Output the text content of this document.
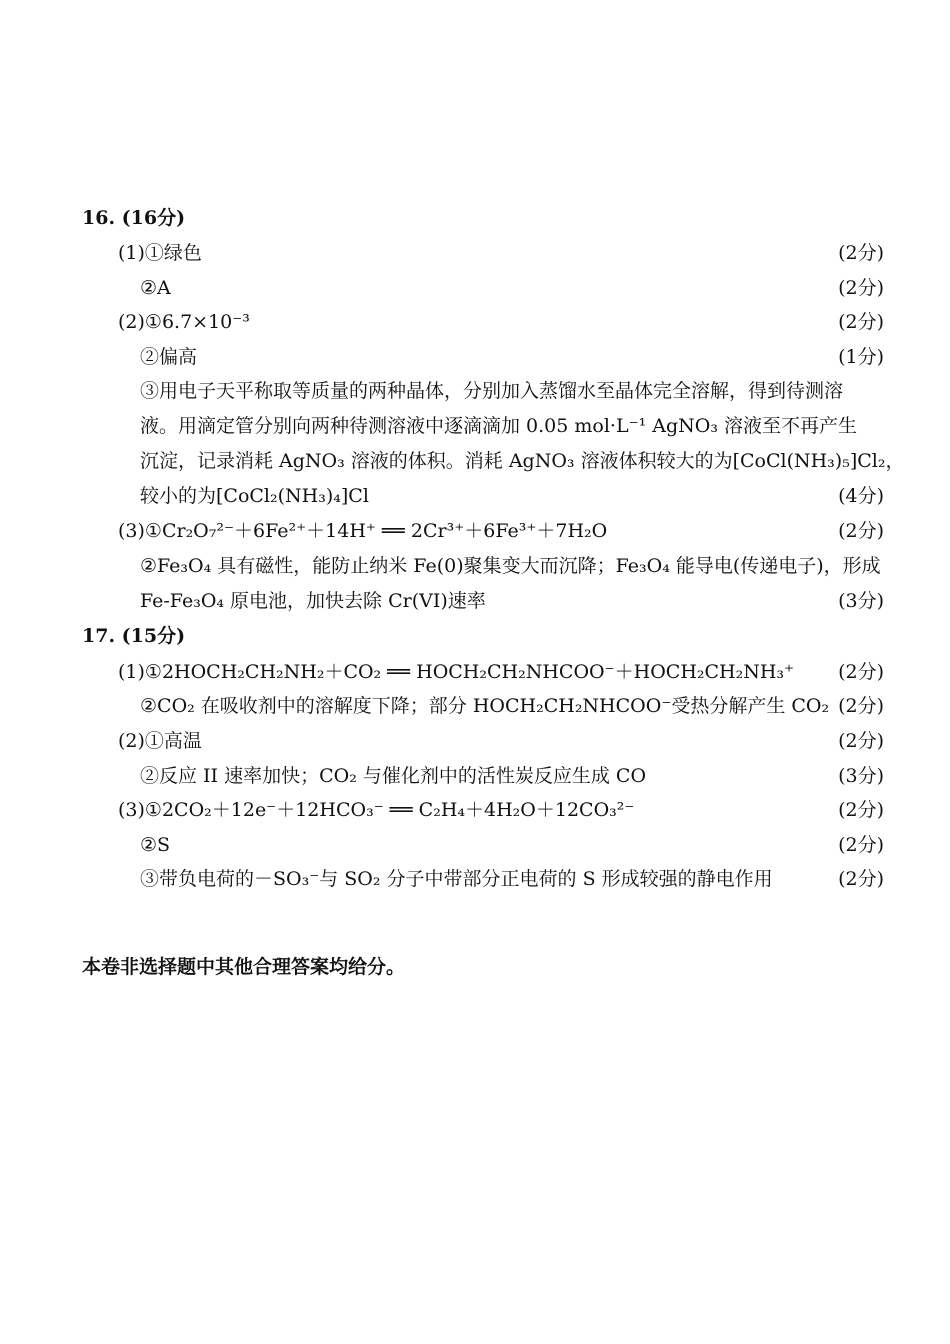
16. (16分)
(1)①绿色	(2分)
②A	(2分)
(2)①6.7×10⁻³	(2分)
②偏高	(1分)
③用电子天平称取等质量的两种晶体，分别加入蒸馏水至晶体完全溶解，得到待测溶
液。用滴定管分别向两种待测溶液中逐滴滴加 0.05 mol·L⁻¹ AgNO₃ 溶液至不再产生
沉淀，记录消耗 AgNO₃ 溶液的体积。消耗 AgNO₃ 溶液体积较大的为[CoCl(NH₃)₅]Cl₂，
较小的为[CoCl₂(NH₃)₄]Cl	(4分)
(3)①Cr₂O₇²⁻＋6Fe²⁺＋14H⁺ ══ 2Cr³⁺＋6Fe³⁺＋7H₂O	(2分)
②Fe₃O₄ 具有磁性，能防止纳米 Fe(0)聚集变大而沉降；Fe₃O₄ 能导电(传递电子)，形成
Fe-Fe₃O₄ 原电池，加快去除 Cr(VI)速率	(3分)
17. (15分)
(1)①2HOCH₂CH₂NH₂＋CO₂ ══ HOCH₂CH₂NHCOO⁻＋HOCH₂CH₂NH₃⁺ (2分)
②CO₂ 在吸收剂中的溶解度下降；部分 HOCH₂CH₂NHCOO⁻受热分解产生 CO₂ (2分)
(2)①高温	(2分)
②反应 II 速率加快；CO₂ 与催化剂中的活性炭反应生成 CO	(3分)
(3)①2CO₂＋12e⁻＋12HCO₃⁻ ══ C₂H₄＋4H₂O＋12CO₃²⁻	(2分)
②S	(2分)
③带负电荷的－SO₃⁻与 SO₂ 分子中带部分正电荷的 S 形成较强的静电作用	(2分)
本卷非选择题中其他合理答案均给分。
